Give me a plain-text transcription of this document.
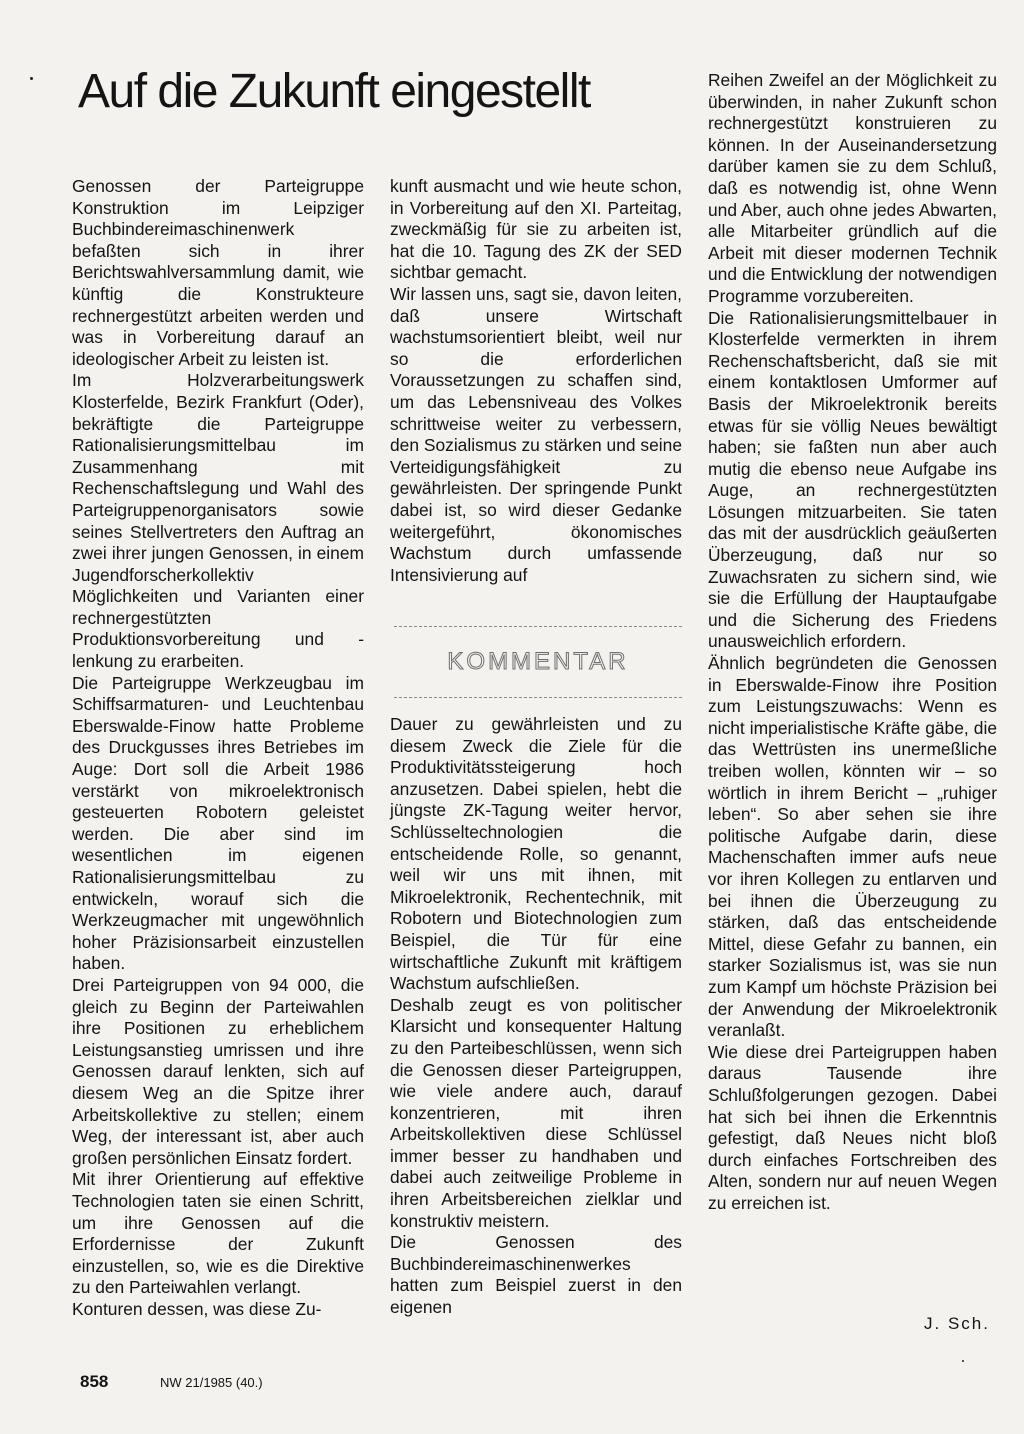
Auf die Zukunft eingestellt

Genossen der Parteigruppe Konstruktion im Leipziger Buchbindereimaschinenwerk befaßten sich in ihrer Berichtswahlversammlung damit, wie künftig die Konstrukteure rechnergestützt arbeiten werden und was in Vorbereitung darauf an ideologischer Arbeit zu leisten ist.

Im Holzverarbeitungswerk Klosterfelde, Bezirk Frankfurt (Oder), bekräftigte die Parteigruppe Rationalisierungsmittelbau im Zusammenhang mit Rechenschaftslegung und Wahl des Parteigruppenorganisators sowie seines Stellvertreters den Auftrag an zwei ihrer jungen Genossen, in einem Jugendforscherkollektiv Möglichkeiten und Varianten einer rechnergestützten Produktionsvorbereitung und -lenkung zu erarbeiten.

Die Parteigruppe Werkzeugbau im Schiffsarmaturen- und Leuchtenbau Eberswalde-Finow hatte Probleme des Druckgusses ihres Betriebes im Auge: Dort soll die Arbeit 1986 verstärkt von mikroelektronisch gesteuerten Robotern geleistet werden. Die aber sind im wesentlichen im eigenen Rationalisierungsmittelbau zu entwickeln, worauf sich die Werkzeugmacher mit ungewöhnlich hoher Präzisionsarbeit einzustellen haben.

Drei Parteigruppen von 94 000, die gleich zu Beginn der Parteiwahlen ihre Positionen zu erheblichem Leistungsanstieg umrissen und ihre Genossen darauf lenkten, sich auf diesem Weg an die Spitze ihrer Arbeitskollektive zu stellen; einem Weg, der interessant ist, aber auch großen persönlichen Einsatz fordert.

Mit ihrer Orientierung auf effektive Technologien taten sie einen Schritt, um ihre Genossen auf die Erfordernisse der Zukunft einzustellen, so, wie es die Direktive zu den Parteiwahlen verlangt.

Konturen dessen, was diese Zu-

kunft ausmacht und wie heute schon, in Vorbereitung auf den XI. Parteitag, zweckmäßig für sie zu arbeiten ist, hat die 10. Tagung des ZK der SED sichtbar gemacht.

Wir lassen uns, sagt sie, davon leiten, daß unsere Wirtschaft wachstumsorientiert bleibt, weil nur so die erforderlichen Voraussetzungen zu schaffen sind, um das Lebensniveau des Volkes schrittweise weiter zu verbessern, den Sozialismus zu stärken und seine Verteidigungsfähigkeit zu gewährleisten. Der springende Punkt dabei ist, so wird dieser Gedanke weitergeführt, ökonomisches Wachstum durch umfassende Intensivierung auf

KOMMENTAR

Dauer zu gewährleisten und zu diesem Zweck die Ziele für die Produktivitätssteigerung hoch anzusetzen. Dabei spielen, hebt die jüngste ZK-Tagung weiter hervor, Schlüsseltechnologien die entscheidende Rolle, so genannt, weil wir uns mit ihnen, mit Mikroelektronik, Rechentechnik, mit Robotern und Biotechnologien zum Beispiel, die Tür für eine wirtschaftliche Zukunft mit kräftigem Wachstum aufschließen.

Deshalb zeugt es von politischer Klarsicht und konsequenter Haltung zu den Parteibeschlüssen, wenn sich die Genossen dieser Parteigruppen, wie viele andere auch, darauf konzentrieren, mit ihren Arbeitskollektiven diese Schlüssel immer besser zu handhaben und dabei auch zeitweilige Probleme in ihren Arbeitsbereichen zielklar und konstruktiv meistern.

Die Genossen des Buchbindereimaschinenwerkes hatten zum Beispiel zuerst in den eigenen

Reihen Zweifel an der Möglichkeit zu überwinden, in naher Zukunft schon rechnergestützt konstruieren zu können. In der Auseinandersetzung darüber kamen sie zu dem Schluß, daß es notwendig ist, ohne Wenn und Aber, auch ohne jedes Abwarten, alle Mitarbeiter gründlich auf die Arbeit mit dieser modernen Technik und die Entwicklung der notwendigen Programme vorzubereiten.

Die Rationalisierungsmittelbauer in Klosterfelde vermerkten in ihrem Rechenschaftsbericht, daß sie mit einem kontaktlosen Umformer auf Basis der Mikroelektronik bereits etwas für sie völlig Neues bewältigt haben; sie faßten nun aber auch mutig die ebenso neue Aufgabe ins Auge, an rechnergestützten Lösungen mitzuarbeiten. Sie taten das mit der ausdrücklich geäußerten Überzeugung, daß nur so Zuwachsraten zu sichern sind, wie sie die Erfüllung der Hauptaufgabe und die Sicherung des Friedens unausweichlich erfordern.

Ähnlich begründeten die Genossen in Eberswalde-Finow ihre Position zum Leistungszuwachs: Wenn es nicht imperialistische Kräfte gäbe, die das Wettrüsten ins unermeßliche treiben wollen, könnten wir – so wörtlich in ihrem Bericht – „ruhiger leben“. So aber sehen sie ihre politische Aufgabe darin, diese Machenschaften immer aufs neue vor ihren Kollegen zu entlarven und bei ihnen die Überzeugung zu stärken, daß das entscheidende Mittel, diese Gefahr zu bannen, ein starker Sozialismus ist, was sie nun zum Kampf um höchste Präzision bei der Anwendung der Mikroelektronik veranlaßt.

Wie diese drei Parteigruppen haben daraus Tausende ihre Schlußfolgerungen gezogen. Dabei hat sich bei ihnen die Erkenntnis gefestigt, daß Neues nicht bloß durch einfaches Fortschreiben des Alten, sondern nur auf neuen Wegen zu erreichen ist.

J. Sch.
858	NW 21/1985 (40.)
